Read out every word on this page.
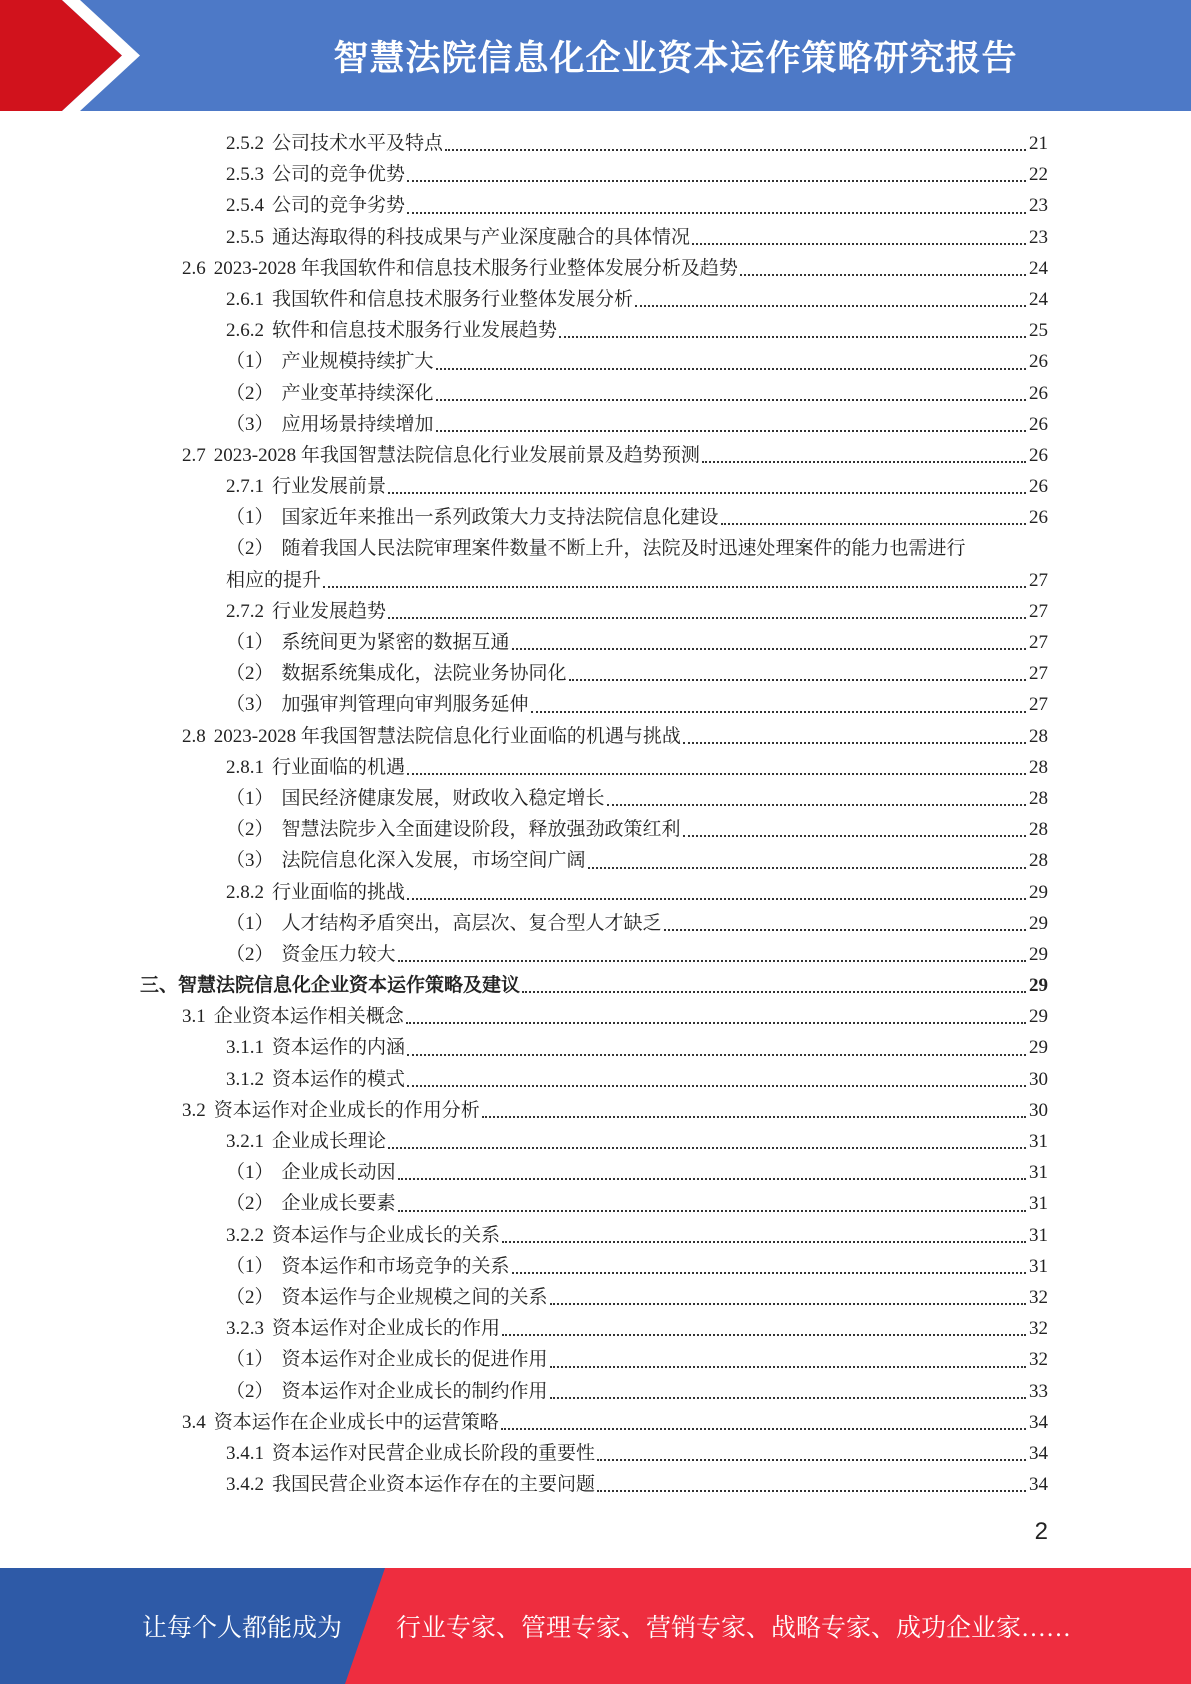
智慧法院信息化企业资本运作策略研究报告
2.5.2 公司技术水平及特点	21
2.5.3 公司的竞争优势	22
2.5.4 公司的竞争劣势	23
2.5.5 通达海取得的科技成果与产业深度融合的具体情况	23
2.6 2023-2028 年我国软件和信息技术服务行业整体发展分析及趋势	24
2.6.1 我国软件和信息技术服务行业整体发展分析	24
2.6.2 软件和信息技术服务行业发展趋势	25
（1） 产业规模持续扩大	26
（2） 产业变革持续深化	26
（3） 应用场景持续增加	26
2.7 2023-2028 年我国智慧法院信息化行业发展前景及趋势预测	26
2.7.1 行业发展前景	26
（1） 国家近年来推出一系列政策大力支持法院信息化建设	26
（2） 随着我国人民法院审理案件数量不断上升，法院及时迅速处理案件的能力也需进行
相应的提升	27
2.7.2 行业发展趋势	27
（1） 系统间更为紧密的数据互通	27
（2） 数据系统集成化，法院业务协同化	27
（3） 加强审判管理向审判服务延伸	27
2.8 2023-2028 年我国智慧法院信息化行业面临的机遇与挑战	28
2.8.1 行业面临的机遇	28
（1） 国民经济健康发展，财政收入稳定增长	28
（2） 智慧法院步入全面建设阶段，释放强劲政策红利	28
（3） 法院信息化深入发展，市场空间广阔	28
2.8.2 行业面临的挑战	29
（1） 人才结构矛盾突出，高层次、复合型人才缺乏	29
（2） 资金压力较大	29
三、 智慧法院信息化企业资本运作策略及建议	29
3.1 企业资本运作相关概念	29
3.1.1 资本运作的内涵	29
3.1.2 资本运作的模式	30
3.2 资本运作对企业成长的作用分析	30
3.2.1 企业成长理论	31
（1） 企业成长动因	31
（2） 企业成长要素	31
3.2.2 资本运作与企业成长的关系	31
（1） 资本运作和市场竞争的关系	31
（2） 资本运作与企业规模之间的关系	32
3.2.3 资本运作对企业成长的作用	32
（1） 资本运作对企业成长的促进作用	32
（2） 资本运作对企业成长的制约作用	33
3.4 资本运作在企业成长中的运营策略	34
3.4.1 资本运作对民营企业成长阶段的重要性	34
3.4.2 我国民营企业资本运作存在的主要问题	34
2
让每个人都能成为 行业专家、管理专家、营销专家、战略专家、成功企业家……
